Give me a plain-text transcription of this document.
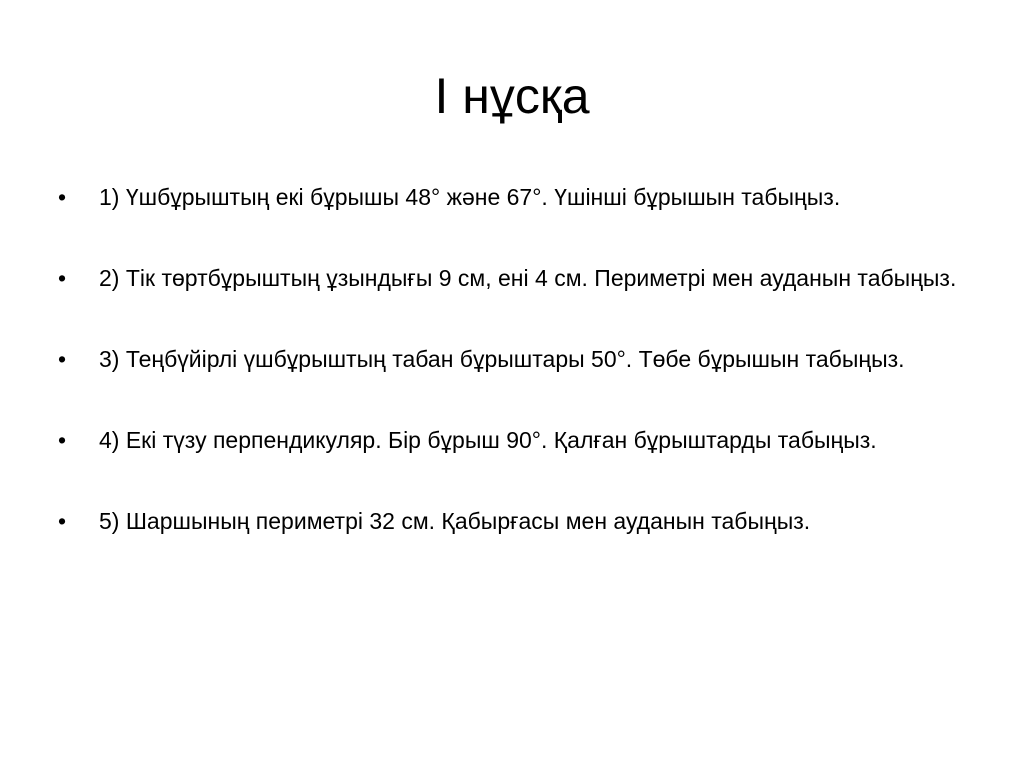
I нұсқа
• 1) Үшбұрыштың екі бұрышы 48° және 67°. Үшінші бұрышын табыңыз.
• 2) Тік төртбұрыштың ұзындығы 9 см, ені 4 см. Периметрі мен ауданын табыңыз.
• 3) Теңбүйірлі үшбұрыштың табан бұрыштары 50°. Төбе бұрышын табыңыз.
• 4) Екі түзу перпендикуляр. Бір бұрыш 90°. Қалған бұрыштарды табыңыз.
• 5) Шаршының периметрі 32 см. Қабырғасы мен ауданын табыңыз.
